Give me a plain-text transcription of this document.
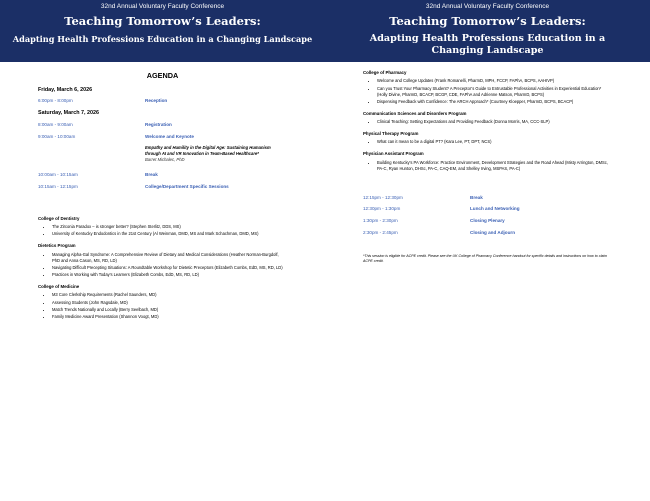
32nd Annual Voluntary Faculty Conference
Teaching Tomorrow’s Leaders:
Adapting Health Professions Education in a Changing Landscape
AGENDA
Friday, March 6, 2026
6:00pm - 8:00pm	Reception
Saturday, March 7, 2026
8:00am - 9:00am	Registration
9:00am - 10:00am	Welcome and Keynote
Empathy and Humility in the Digital Age: Sustaining Humanism through AI and VR Innovation in Team-Based Healthcare*
Barret Michalec, PhD
10:00am - 10:15am	Break
10:15am - 12:15pm	College/Department Specific Sessions
College of Dentistry
• The Zirconia Paradox – is stronger better? (Stephen Sterlitz, DDS, MS)
• University of Kentucky Endodontics in the 21st Century (Al Weinman, DMD, MS and Mark Schachman, DMD, MS)
Dietetics Program
• Managing Alpha-Gal Syndrome: A Comprehensive Review of Dietary and Medical Considerations (Heather Norman-Burgdolf, PhD and Anna Cason, MS, RD, LD)
• Navigating Difficult Precepting Situations: A Roundtable Workshop for Dietetic Preceptors (Elizabeth Combs, EdD, MS, RD, LD)
• Practices in Working with Today’s Learners (Elizabeth Combs, EdD, MS, RD, LD)
College of Medicine
• M3 Core Clerkship Requirements (Rachel Saunders, MD)
• Assessing Students (John Ragsdale, MD)
• Match Trends Nationally and Locally (Berry Seelbach, MD)
• Family Medicine Award Presentation (Shannon Voogt, MD)
32nd Annual Voluntary Faculty Conference
Teaching Tomorrow’s Leaders:
Adapting Health Professions Education in a Changing Landscape
College of Pharmacy
• Welcome and College Updates (Frank Romanelli, PharmD, MPH, FCCP, FAPhA, BCPS, AAHIVP)
• Can you Trust Your Pharmacy Student? A Preceptor’s Guide to Entrustable Professional Activities in Experiential Education* (Holly Divine, PharmD, BCACP, BCGP, CDE, FAPhA and Adrienne Matson, PharmD, BCPS)
• Dispensing Feedback with Confidence: The ARCH Approach* (Courtney Kloepper, PharmD, BCPS, BCACP)
Communication Sciences and Disorders Program
• Clinical Teaching: Setting Expectations and Providing Feedback (Donna Morris, MA, CCC-SLP)
Physical Therapy Program
• What can it mean to be a digital PT? (Kara Lee, PT, DPT, NCS)
Physician Assistant Program
• Building Kentucky’s PA Workforce: Practice Environment, Development Strategies and the Road Ahead (Misty Arrington, DMSc, PA-C, Ryan Hunton, DHSc, PA-C, CAQ-EM, and Shelley Irving, MSPAS, PA-C)
12:15pm - 12:30pm	Break
12:30pm - 1:30pm	Lunch and Networking
1:30pm - 2:30pm	Closing Plenary
2:30pm - 2:45pm	Closing and Adjourn
*This session is eligible for ACPE credit. Please see the UK College of Pharmacy Conference handout for specific details and instructions on how to claim ACPE credit.
